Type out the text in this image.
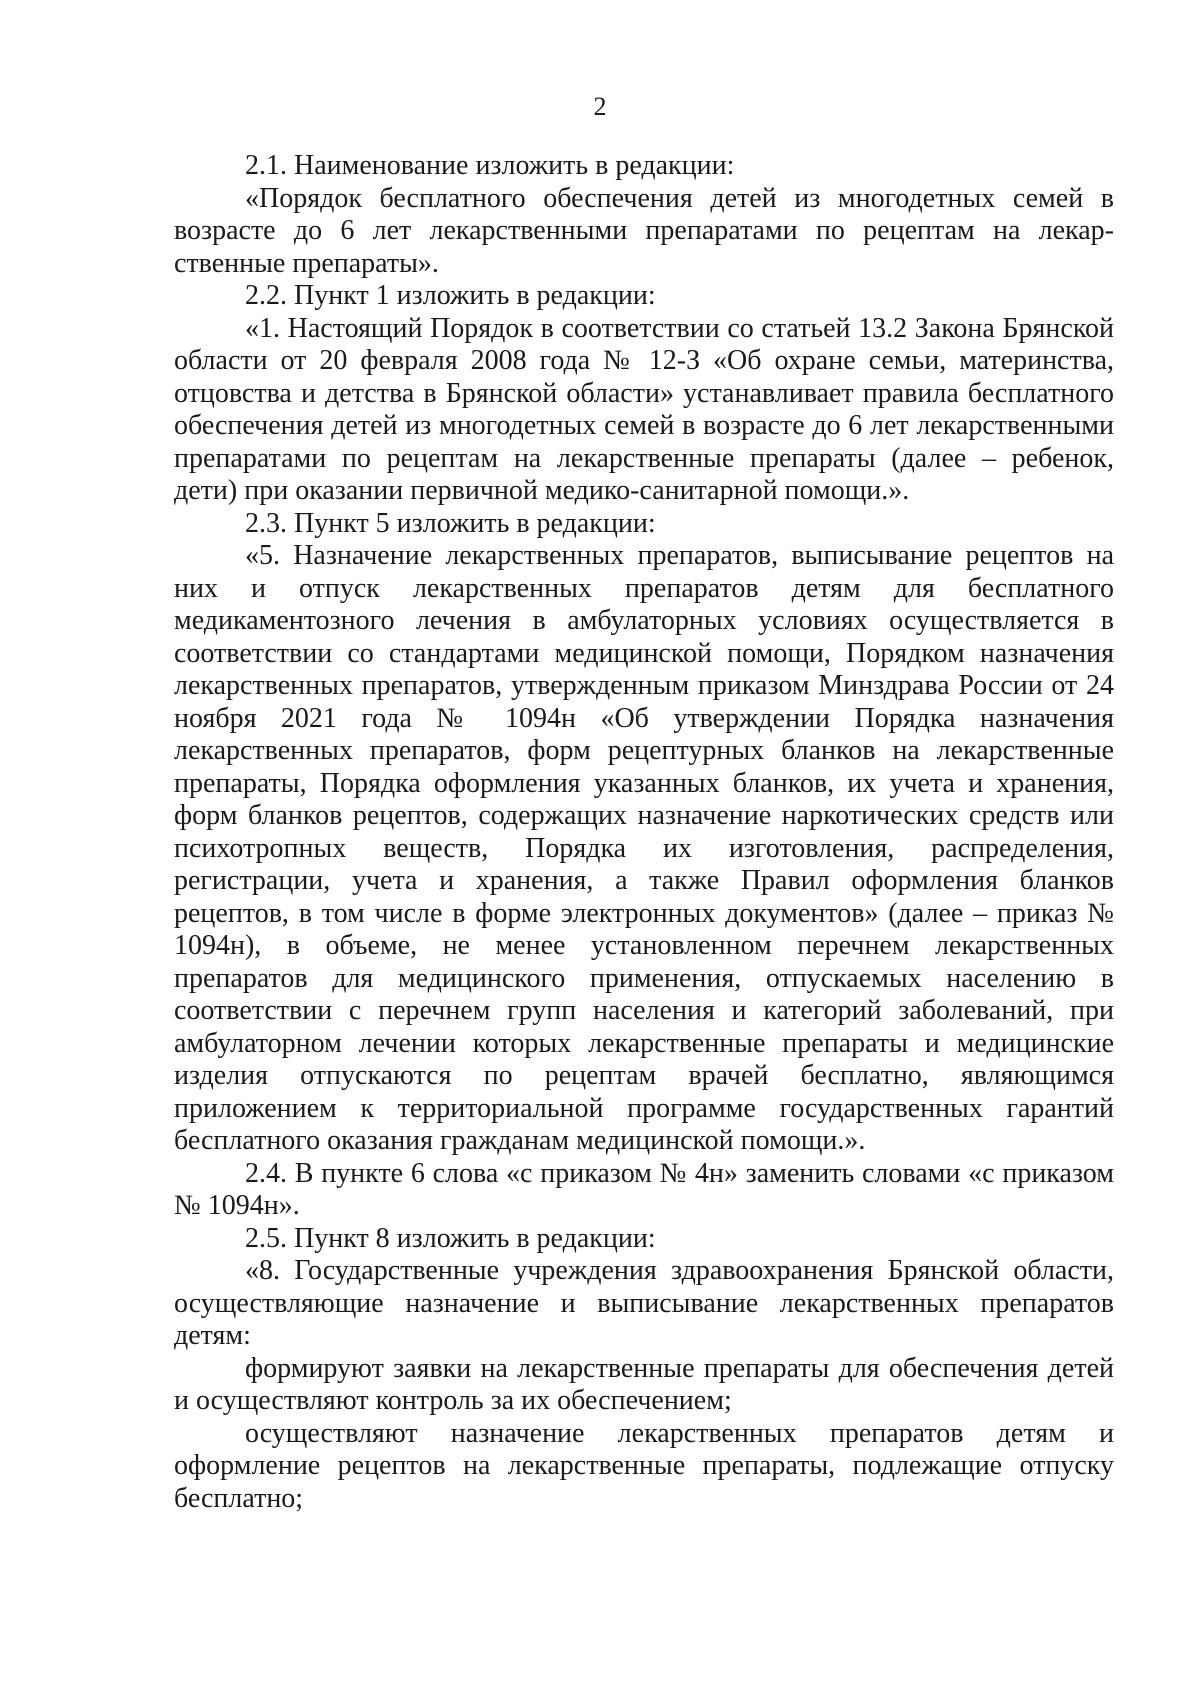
2

2.1. Наименование изложить в редакции:

«Порядок бесплатного обеспечения детей из многодетных семей в возрасте до 6 лет лекарственными препаратами по рецептам на лекарственные препараты».

2.2. Пункт 1 изложить в редакции:

«1. Настоящий Порядок в соответствии со статьей 13.2 Закона Брянской области от 20 февраля 2008 года № 12-З «Об охране семьи, материнства, отцовства и детства в Брянской области» устанавливает правила бесплатного обеспечения детей из многодетных семей в возрасте до 6 лет лекарственными препаратами по рецептам на лекарственные препараты (далее – ребенок, дети) при оказании первичной медико-санитарной помощи.».

2.3. Пункт 5 изложить в редакции:

«5. Назначение лекарственных препаратов, выписывание рецептов на них и отпуск лекарственных препаратов детям для бесплатного медикаментозного лечения в амбулаторных условиях осуществляется в соответствии со стандартами медицинской помощи, Порядком назначения лекарственных препаратов, утвержденным приказом Минздрава России от 24 ноября 2021 года № 1094н «Об утверждении Порядка назначения лекарственных препаратов, форм рецептурных бланков на лекарственные препараты, Порядка оформления указанных бланков, их учета и хранения, форм бланков рецептов, содержащих назначение наркотических средств или психотропных веществ, Порядка их изготовления, распределения, регистрации, учета и хранения, а также Правил оформления бланков рецептов, в том числе в форме электронных документов» (далее – приказ № 1094н), в объеме, не менее установленном перечнем лекарственных препаратов для медицинского применения, отпускаемых населению в соответствии с перечнем групп населения и категорий заболеваний, при амбулаторном лечении которых лекарственные препараты и медицинские изделия отпускаются по рецептам врачей бесплатно, являющимся приложением к территориальной программе государственных гарантий бесплатного оказания гражданам медицинской помощи.».

2.4. В пункте 6 слова «с приказом № 4н» заменить словами «с приказом № 1094н».

2.5. Пункт 8 изложить в редакции:

«8. Государственные учреждения здравоохранения Брянской области, осуществляющие назначение и выписывание лекарственных препаратов детям:

формируют заявки на лекарственные препараты для обеспечения детей и осуществляют контроль за их обеспечением;

осуществляют назначение лекарственных препаратов детям и оформление рецептов на лекарственные препараты, подлежащие отпуску бесплатно;
